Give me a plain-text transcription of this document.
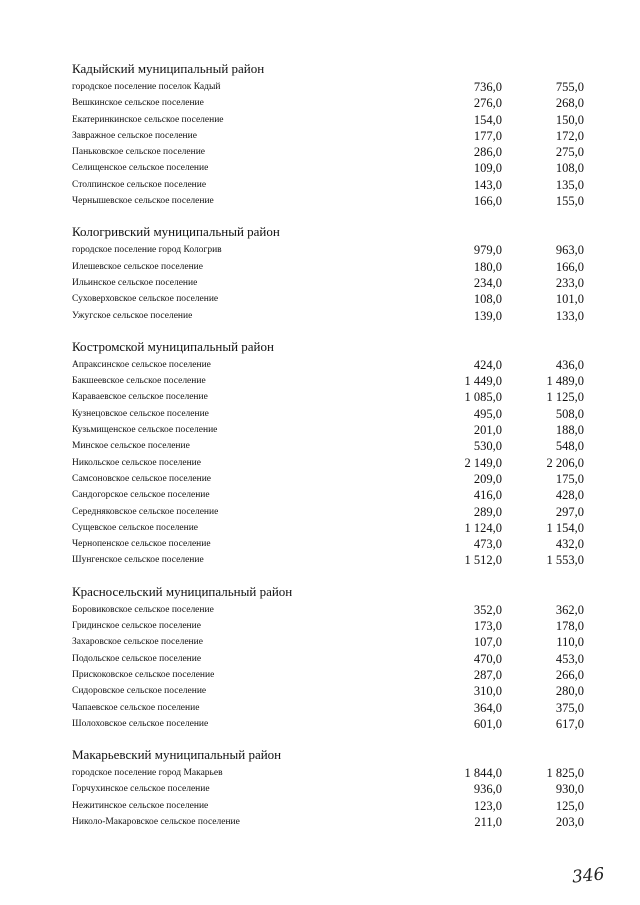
Кадыйский муниципальный район
городское поселение поселок Кадый	736,0	755,0
Вешкинское сельское поселение	276,0	268,0
Екатеринкинское сельское поселение	154,0	150,0
Завражное сельское поселение	177,0	172,0
Паньковское сельское поселение	286,0	275,0
Селищенское сельское поселение	109,0	108,0
Столпинское сельское поселение	143,0	135,0
Чернышевское сельское поселение	166,0	155,0
Кологривский муниципальный район
городское поселение город Кологрив	979,0	963,0
Илешевское сельское поселение	180,0	166,0
Ильинское сельское поселение	234,0	233,0
Суховерховское сельское поселение	108,0	101,0
Ужугское сельское поселение	139,0	133,0
Костромской муниципальный район
Апраксинское сельское поселение	424,0	436,0
Бакшеевское сельское поселение	1 449,0	1 489,0
Караваевское сельское поселение	1 085,0	1 125,0
Кузнецовское сельское поселение	495,0	508,0
Кузьмищенское сельское поселение	201,0	188,0
Минское сельское поселение	530,0	548,0
Никольское сельское поселение	2 149,0	2 206,0
Самсоновское сельское поселение	209,0	175,0
Сандогорское сельское поселение	416,0	428,0
Середняковское сельское поселение	289,0	297,0
Сущевское сельское поселение	1 124,0	1 154,0
Чернопенское сельское поселение	473,0	432,0
Шунгенское сельское поселение	1 512,0	1 553,0
Красносельский муниципальный район
Боровиковское сельское поселение	352,0	362,0
Гридинское сельское поселение	173,0	178,0
Захаровское сельское поселение	107,0	110,0
Подольское сельское поселение	470,0	453,0
Прискоковское сельское поселение	287,0	266,0
Сидоровское сельское поселение	310,0	280,0
Чапаевское сельское поселение	364,0	375,0
Шолоховское сельское поселение	601,0	617,0
Макарьевский муниципальный район
городское поселение город Макарьев	1 844,0	1 825,0
Горчухинское сельское поселение	936,0	930,0
Нежитинское сельское поселение	123,0	125,0
Николо-Макаровское сельское поселение	211,0	203,0
346
